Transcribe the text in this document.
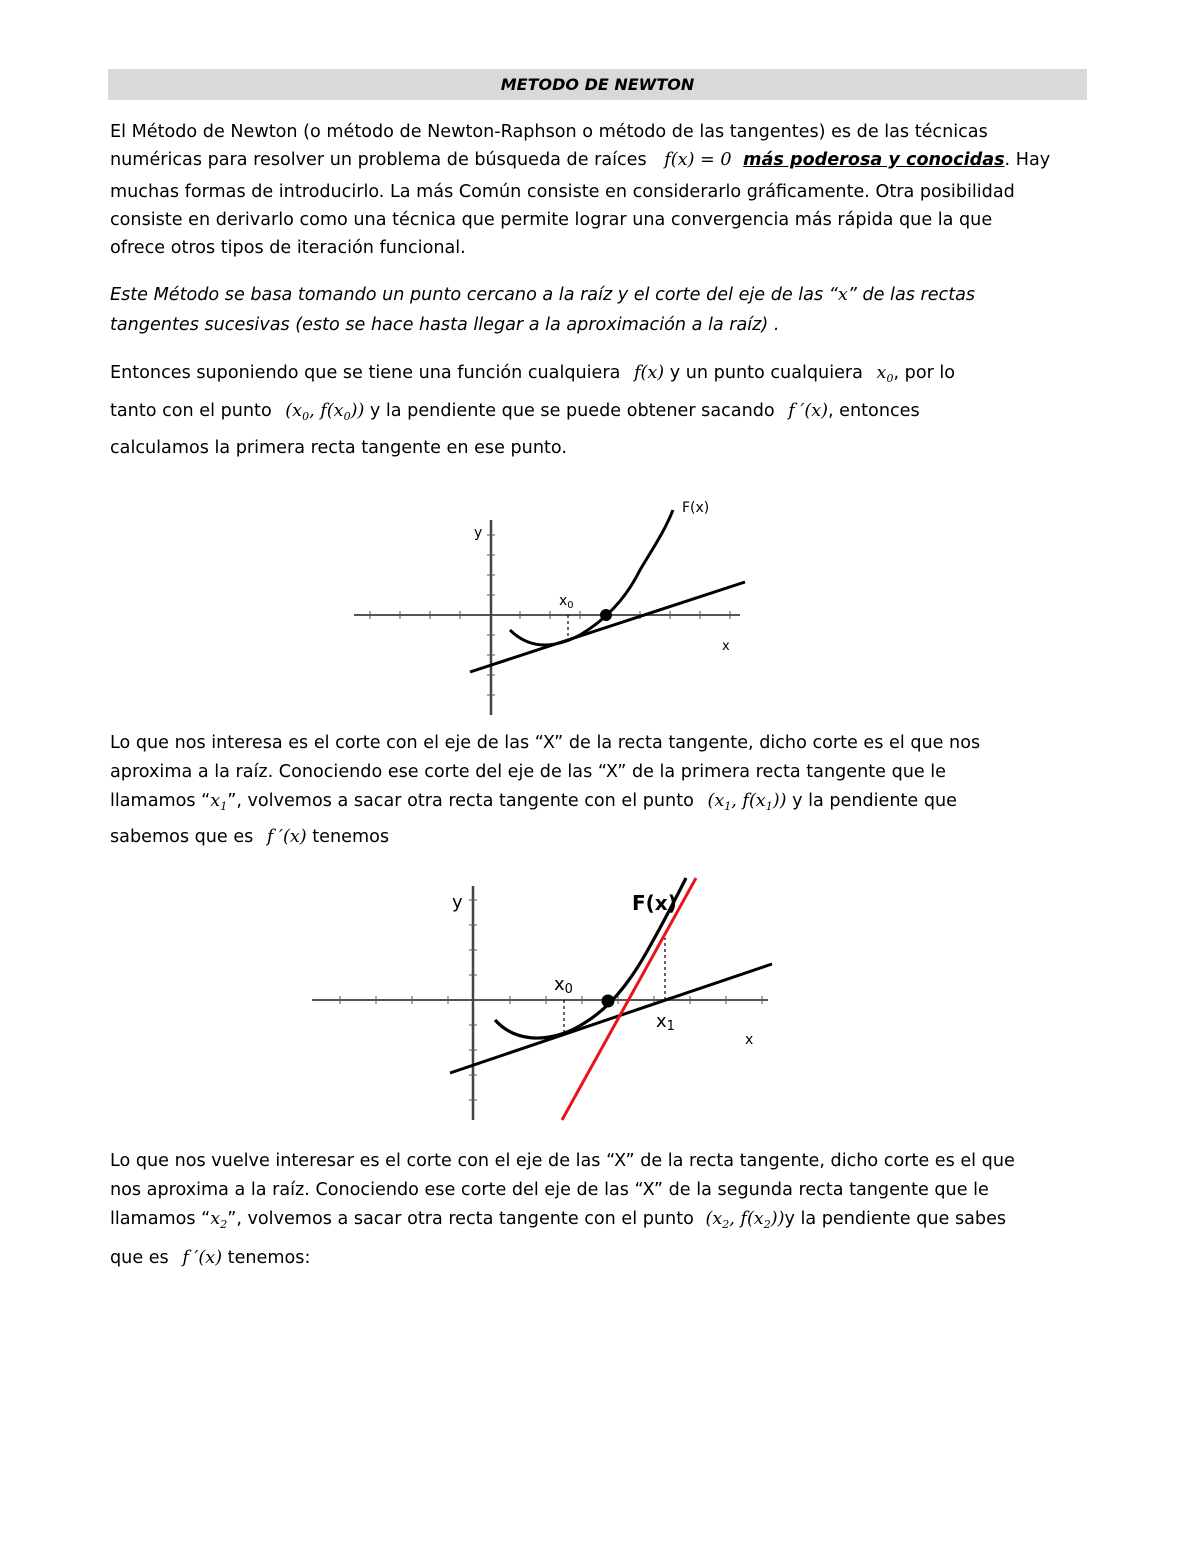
METODO DE NEWTON
El Método de Newton (o método de Newton-Raphson o método de las tangentes) es de las técnicas
numéricas para resolver un problema de búsqueda de raíces f(x) = 0 más poderosa y conocidas. Hay
muchas formas de introducirlo. La más Común consiste en considerarlo gráficamente. Otra posibilidad
consiste en derivarlo como una técnica que permite lograr una convergencia más rápida que la que
ofrece otros tipos de iteración funcional.
Este Método se basa tomando un punto cercano a la raíz y el corte del eje de las “x” de las rectas
tangentes sucesivas (esto se hace hasta llegar a la aproximación a la raíz) .
Entonces suponiendo que se tiene una función cualquiera f(x) y un punto cualquiera $x_0$, por lo
tanto con el punto ($x_0$, $f(x_0)$) y la pendiente que se puede obtener sacando f ′(x), entonces
calculamos la primera recta tangente en ese punto.
y
x
F(x)
$x_0$
Lo que nos interesa es el corte con el eje de las “X” de la recta tangente, dicho corte es el que nos
aproxima a la raíz. Conociendo ese corte del eje de las “X” de la primera recta tangente que le
llamamos “$x_1$”, volvemos a sacar otra recta tangente con el punto ($x_1$, $f(x_1)$) y la pendiente que
sabemos que es f ′(x) tenemos
y
x
F(x)
x0
x1
Lo que nos vuelve interesar es el corte con el eje de las “X” de la recta tangente, dicho corte es el que
nos aproxima a la raíz. Conociendo ese corte del eje de las “X” de la segunda recta tangente que le
llamamos “$x_2$”, volvemos a sacar otra recta tangente con el punto ($x_2$, $f(x_2))y$ la pendiente que sabes
que es f ′(x) tenemos:
